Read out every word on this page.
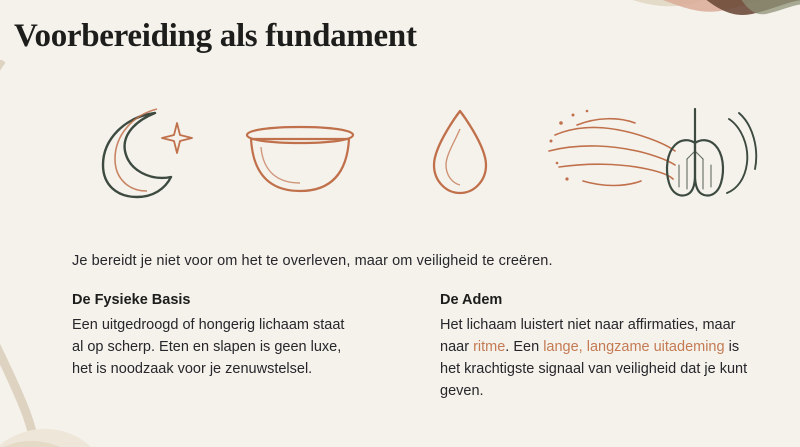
Voorbereiding als fundament
Je bereidt je niet voor om het te overleven, maar om veiligheid te creëren.
De Fysieke Basis
Een uitgedroogd of hongerig lichaam staat
al op scherp. Eten en slapen is geen luxe,
het is noodzaak voor je zenuwstelsel.
De Adem
Het lichaam luistert niet naar affirmaties, maar naar ritme. Een lange, langzame uitademing is het krachtigste signaal van veiligheid dat je kunt geven.
